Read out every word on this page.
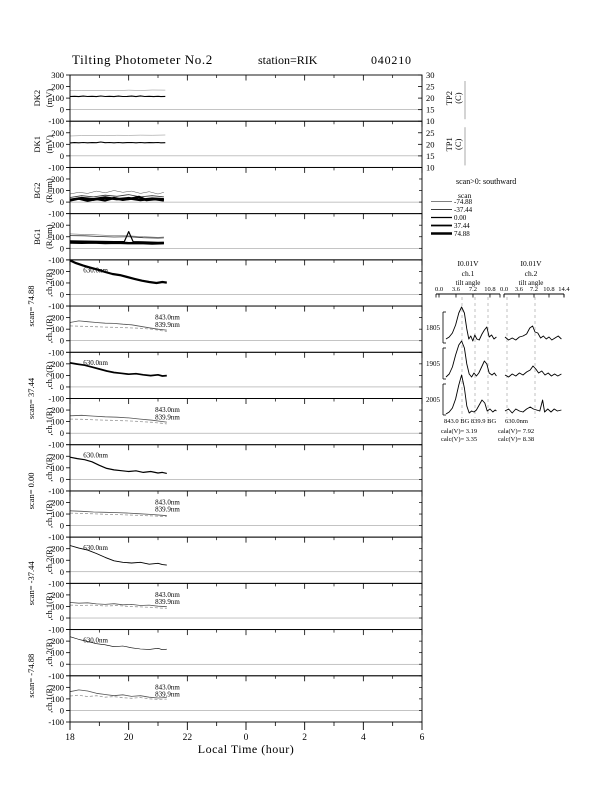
Tilting Photometer No.2	station=RIK	040210
Local Time (hour)
scan>0: southward
scan
I0.01V
ch.1
tilt angle
I0.01V
ch.2
tilt angle
843.0 BG 839.9 BG 630.0nm
cala(V)= 3.19
calc(V)= 3.35
cala(V)= 7.92
calc(V)= 8.38
-100
0
100
200
300
10
15
20
25
30
TP2 (C)
DK2 (mV)
-100
0
100
200
10
15
20
25
TP1 (C)
DK1 (mV)
-100
0
100
200
BG2 (R/nm)
-100
0
100
200
BG1 (R/nm)
-100
0
100
200
,ch.2(R)
scan= 74.88
630.0nm
-100
0
100
200
,ch.1(R)	843.0nm
839.9nm
-100
0
100
200
,ch.2(R)
scan= 37.44
630.0nm
-100
0
100
200
,ch.1(R)	843.0nm
839.9nm
-100
0
100
200
,ch.2(R)
scan= 0.00
630.0nm
-100
0
100
200
,ch.1(R)	843.0nm
839.9nm
-100
0
100
200
,ch.2(R)
scan= -37.44
630.0nm
-100
0
100
200
,ch.1(R)	843.0nm
839.9nm
-100
0
100
200
,ch.2(R)
scan= -74.88
630.0nm
-100
0
100
200
,ch.1(R)	843.0nm
839.9nm
18	20	22	0	2	4	6
-74.88
-37.44
0.00
37.44
74.88
0.0 3.6 7.2 10.8 0.0 3.6 7.2 10.8 14.4
1805
1905
2005
